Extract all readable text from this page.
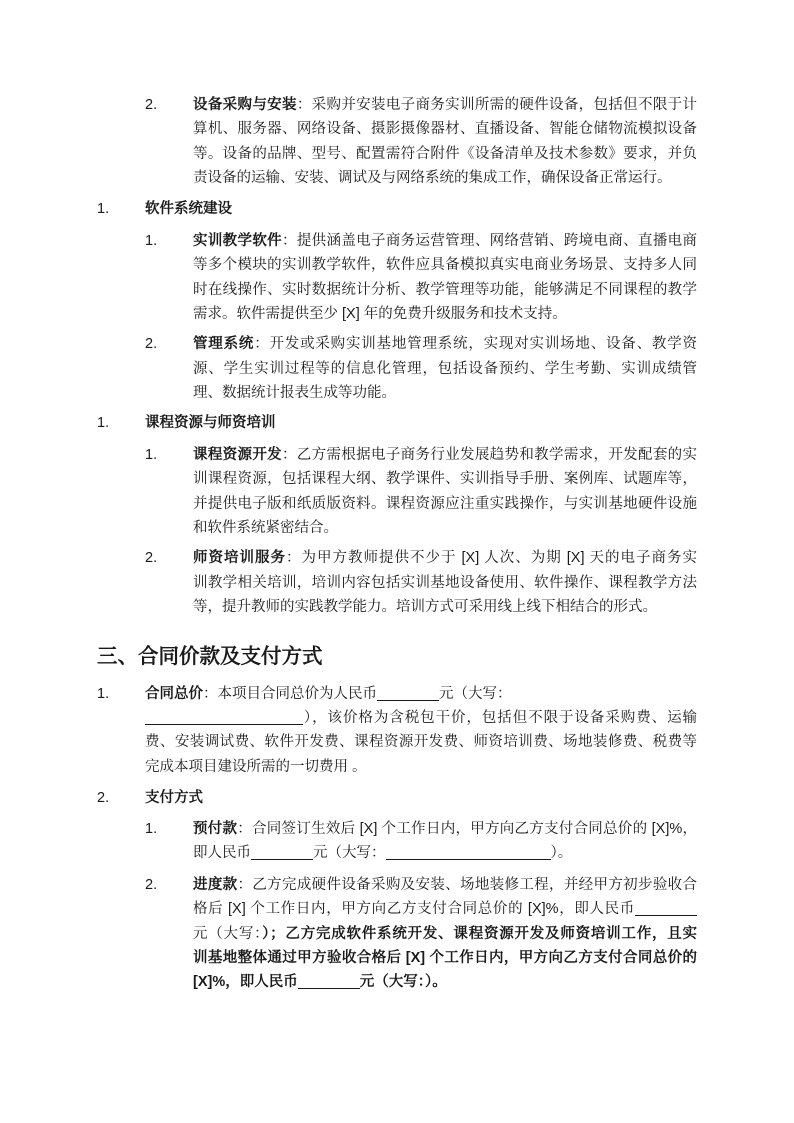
2. 设备采购与安装：采购并安装电子商务实训所需的硬件设备，包括但不限于计
算机、服务器、网络设备、摄影摄像器材、直播设备、智能仓储物流模拟设备
等。设备的品牌、型号、配置需符合附件《设备清单及技术参数》要求，并负
责设备的运输、安装、调试及与网络系统的集成工作，确保设备正常运行。
1. 软件系统建设
1. 实训教学软件：提供涵盖电子商务运营管理、网络营销、跨境电商、直播电商
等多个模块的实训教学软件，软件应具备模拟真实电商业务场景、支持多人同
时在线操作、实时数据统计分析、教学管理等功能，能够满足不同课程的教学
需求。软件需提供至少 [X] 年的免费升级服务和技术支持。
2. 管理系统：开发或采购实训基地管理系统，实现对实训场地、设备、教学资
源、学生实训过程等的信息化管理，包括设备预约、学生考勤、实训成绩管
理、数据统计报表生成等功能。
1. 课程资源与师资培训
1. 课程资源开发：乙方需根据电子商务行业发展趋势和教学需求，开发配套的实
训课程资源，包括课程大纲、教学课件、实训指导手册、案例库、试题库等，
并提供电子版和纸质版资料。课程资源应注重实践操作，与实训基地硬件设施
和软件系统紧密结合。
2. 师资培训服务：为甲方教师提供不少于 [X] 人次、为期 [X] 天的电子商务实
训教学相关培训，培训内容包括实训基地设备使用、软件操作、课程教学方法
等，提升教师的实践教学能力。培训方式可采用线上线下相结合的形式。
三、合同价款及支付方式
1. 合同总价：本项目合同总价为人民币	元（大写：
），该价格为含税包干价，包括但不限于设备采购费、运输
费、安装调试费、软件开发费、课程资源开发费、师资培训费、场地装修费、税费等
完成本项目建设所需的一切费用 。
2. 支付方式
1. 预付款：合同签订生效后 [X] 个工作日内，甲方向乙方支付合同总价的 [X]%，
即人民币	元（大写：	）。
2. 进度款：乙方完成硬件设备采购及安装、场地装修工程，并经甲方初步验收合
格后 [X] 个工作日内，甲方向乙方支付合同总价的 [X]%，即人民币
元（大写：）；乙方完成软件系统开发、课程资源开发及师资培训工作，且实
训基地整体通过甲方验收合格后 [X] 个工作日内，甲方向乙方支付合同总价的
[X]%，即人民币	元（大写：）。
